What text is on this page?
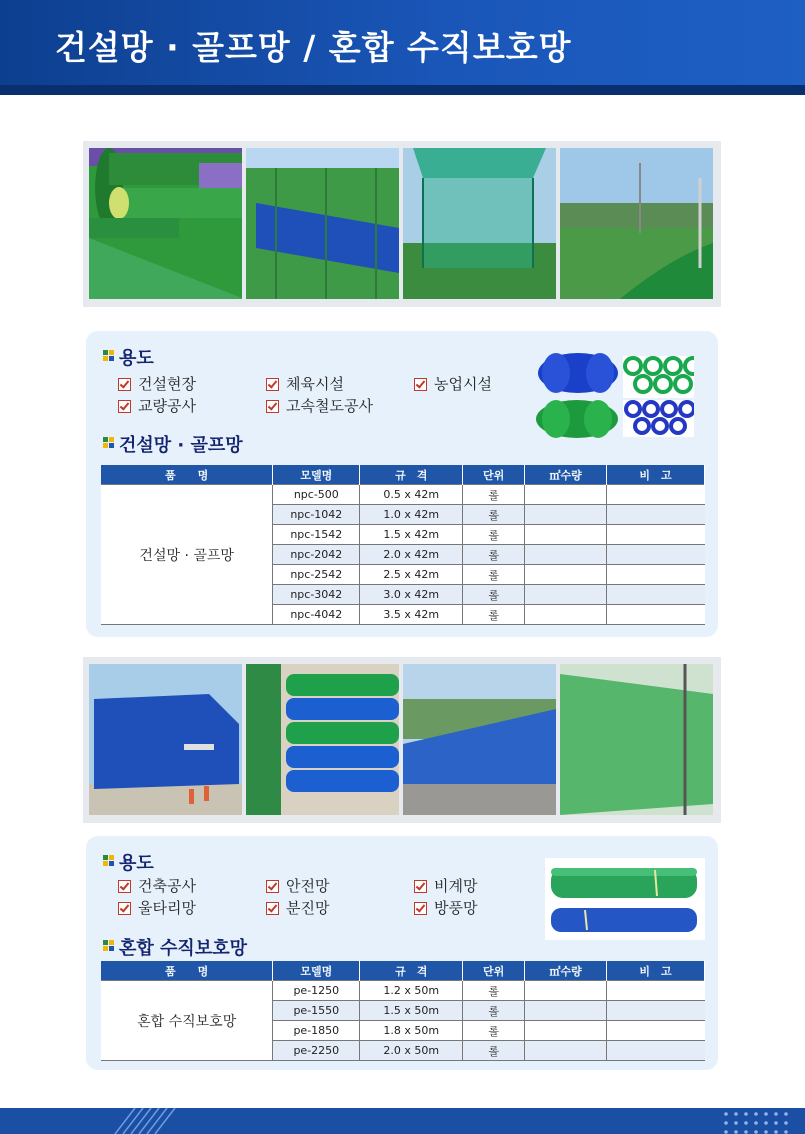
건설망 · 골프망 / 혼합 수직보호망
용도
건설현장	체육시설	농업시설
교량공사	고속철도공사
건설망 · 골프망
품　　명	모델명	규　격	단위	㎡수량	비　고
건설망 · 골프망	npc-500	0.5 x 42m	롤		
	npc-1042	1.0 x 42m	롤		
	npc-1542	1.5 x 42m	롤		
	npc-2042	2.0 x 42m	롤		
	npc-2542	2.5 x 42m	롤		
	npc-3042	3.0 x 42m	롤		
	npc-4042	3.5 x 42m	롤		
용도
건축공사	안전망	비계망
울타리망	분진망	방풍망
혼합 수직보호망
품　　명	모델명	규　격	단위	㎡수량	비　고
혼합 수직보호망	pe-1250	1.2 x 50m	롤		
	pe-1550	1.5 x 50m	롤		
	pe-1850	1.8 x 50m	롤		
	pe-2250	2.0 x 50m	롤		
